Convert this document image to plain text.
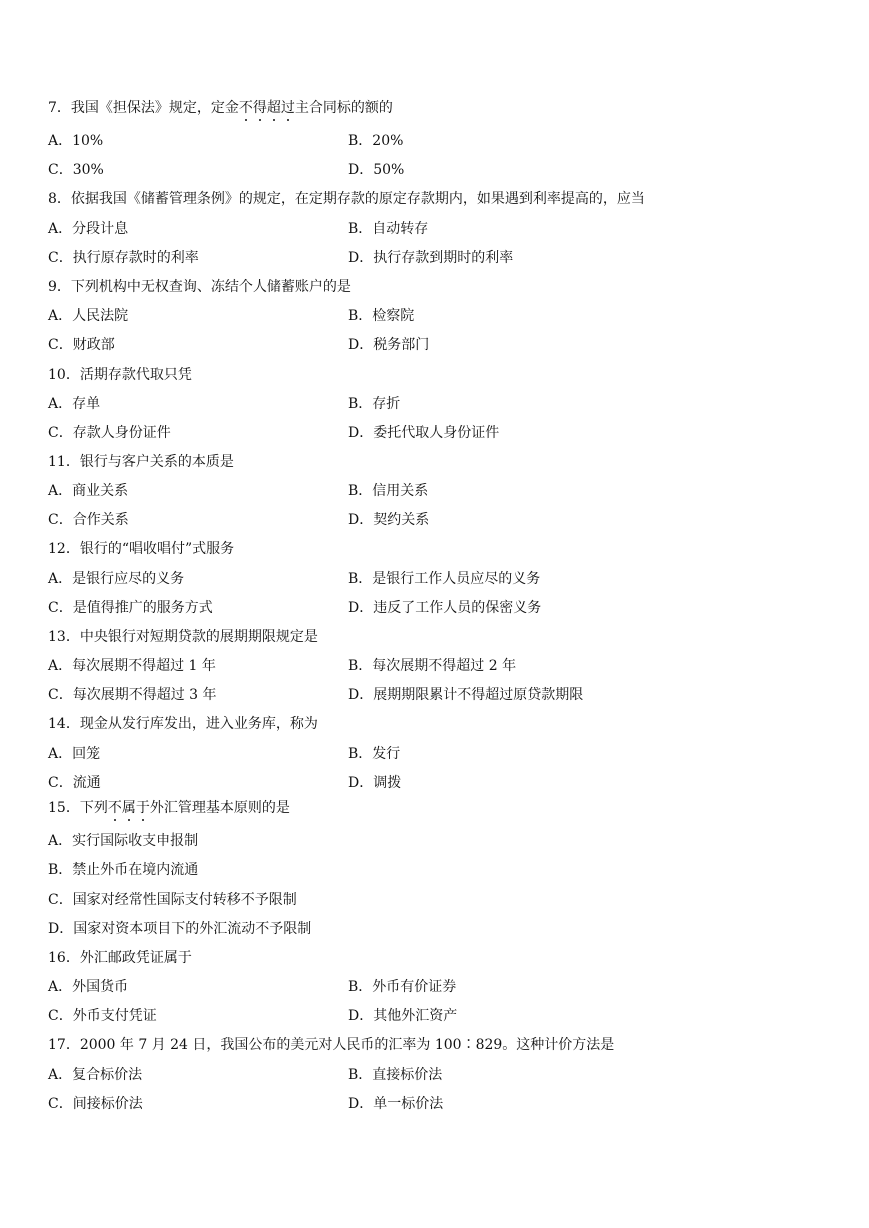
7．我国《担保法》规定，定金不得超过主合同标的额的
A．10%	B．20%
C．30%	D．50%
8．依据我国《储蓄管理条例》的规定，在定期存款的原定存款期内，如果遇到利率提高的，应当
A．分段计息	B．自动转存
C．执行原存款时的利率	D．执行存款到期时的利率
9．下列机构中无权查询、冻结个人储蓄账户的是
A．人民法院	B．检察院
C．财政部	D．税务部门
10．活期存款代取只凭
A．存单	B．存折
C．存款人身份证件	D．委托代取人身份证件
11．银行与客户关系的本质是
A．商业关系	B．信用关系
C．合作关系	D．契约关系
12．银行的“唱收唱付”式服务
A．是银行应尽的义务	B．是银行工作人员应尽的义务
C．是值得推广的服务方式	D．违反了工作人员的保密义务
13．中央银行对短期贷款的展期期限规定是
A．每次展期不得超过 1 年	B．每次展期不得超过 2 年
C．每次展期不得超过 3 年	D．展期期限累计不得超过原贷款期限
14．现金从发行库发出，进入业务库，称为
A．回笼	B．发行
C．流通	D．调拨
15．下列不属于外汇管理基本原则的是
A．实行国际收支申报制
B．禁止外币在境内流通
C．国家对经常性国际支付转移不予限制
D．国家对资本项目下的外汇流动不予限制
16．外汇邮政凭证属于
A．外国货币	B．外币有价证券
C．外币支付凭证	D．其他外汇资产
17．2000 年 7 月 24 日，我国公布的美元对人民币的汇率为 100∶829。这种计价方法是
A．复合标价法	B．直接标价法
C．间接标价法	D．单一标价法
